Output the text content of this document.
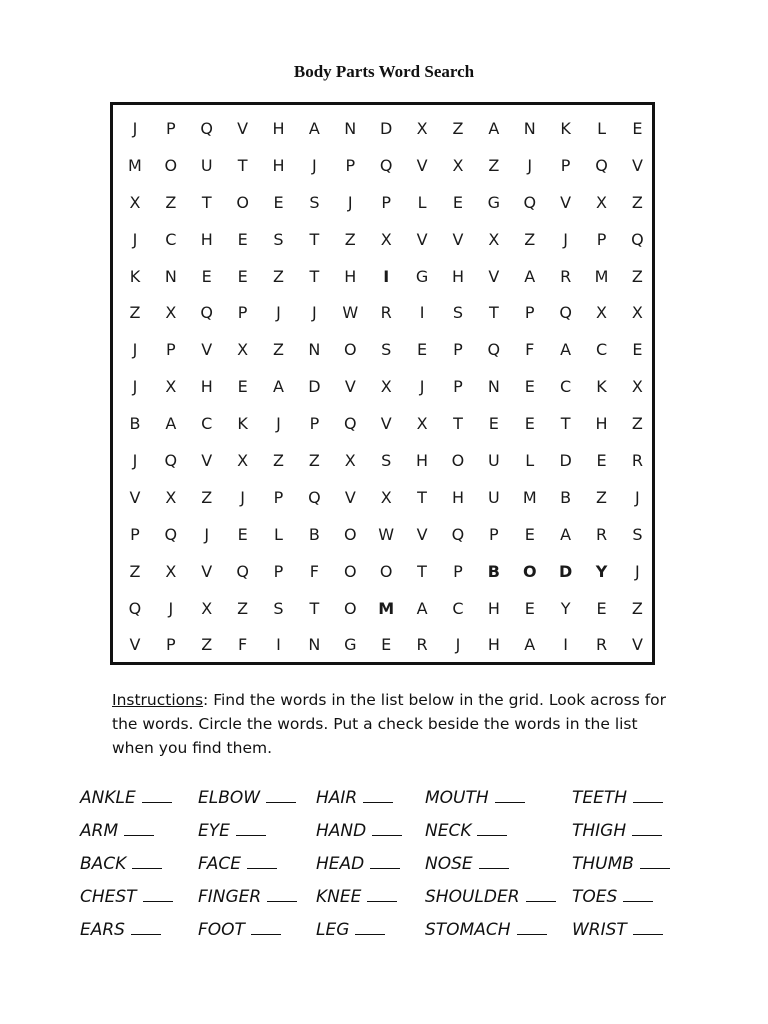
Body Parts Word Search
J	P	Q	V	H	A	N	D	X	Z	A	N	K	L	E
M	O	U	T	H	J	P	Q	V	X	Z	J	P	Q	V
X	Z	T	O	E	S	J	P	L	E	G	Q	V	X	Z
J	C	H	E	S	T	Z	X	V	V	X	Z	J	P	Q
K	N	E	E	Z	T	H	I	G	H	V	A	R	M	Z
Z	X	Q	P	J	J	W	R	I	S	T	P	Q	X	X
J	P	V	X	Z	N	O	S	E	P	Q	F	A	C	E
J	X	H	E	A	D	V	X	J	P	N	E	C	K	X
B	A	C	K	J	P	Q	V	X	T	E	E	T	H	Z
J	Q	V	X	Z	Z	X	S	H	O	U	L	D	E	R
V	X	Z	J	P	Q	V	X	T	H	U	M	B	Z	J
P	Q	J	E	L	B	O	W	V	Q	P	E	A	R	S
Z	X	V	Q	P	F	O	O	T	P	B	O	D	Y	J
Q	J	X	Z	S	T	O	M	A	C	H	E	Y	E	Z
V	P	Z	F	I	N	G	E	R	J	H	A	I	R	V
Instructions: Find the words in the list below in the grid. Look across for the words. Circle the words. Put a check beside the words in the list when you find them.
ANKLE	ELBOW	HAIR	MOUTH	TEETH
ARM	EYE	HAND	NECK	THIGH
BACK	FACE	HEAD	NOSE	THUMB
CHEST	FINGER	KNEE	SHOULDER	TOES
EARS	FOOT	LEG	STOMACH	WRIST
